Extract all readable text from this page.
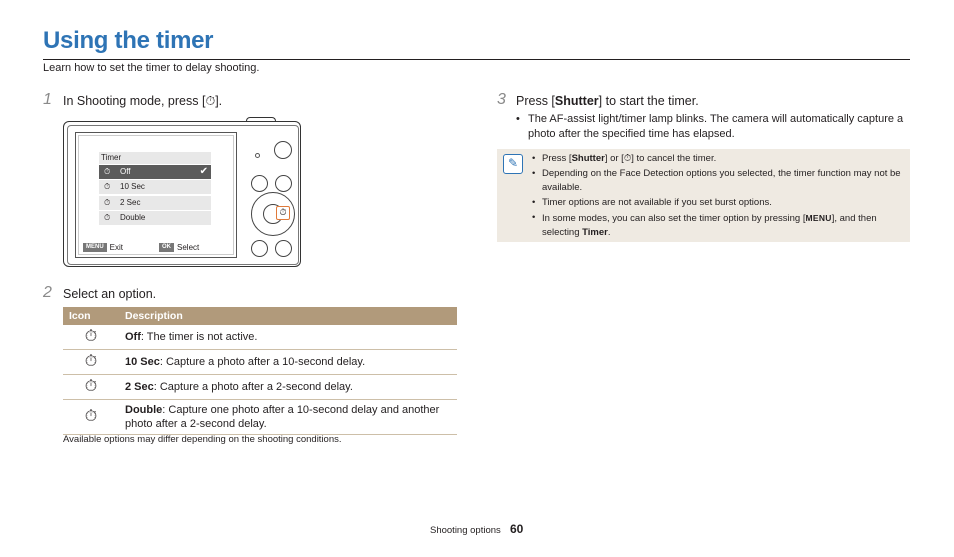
Using the timer
Learn how to set the timer to delay shooting.
1 In Shooting mode, press [⏱].
Timer
⏱ Off	✔
⏱ 10 Sec
⏱ 2 Sec
⏱ Double
MENU Exit	OK Select
⏱
2 Select an option.
Icon	Description
⏱	Off: The timer is not active.
⏱	10 Sec: Capture a photo after a 10-second delay.
⏱	2 Sec: Capture a photo after a 2-second delay.
⏱	Double: Capture one photo after a 10-second delay and another photo after a 2-second delay.
Available options may differ depending on the shooting conditions.
3 Press [Shutter] to start the timer.
• The AF-assist light/timer lamp blinks. The camera will automatically capture a photo after the specified time has elapsed.
✎	• Press [Shutter] or [⏱] to cancel the timer.
• Depending on the Face Detection options you selected, the timer function may not be available.
• Timer options are not available if you set burst options.
• In some modes, you can also set the timer option by pressing [MENU], and then selecting Timer.
Shooting options 60
